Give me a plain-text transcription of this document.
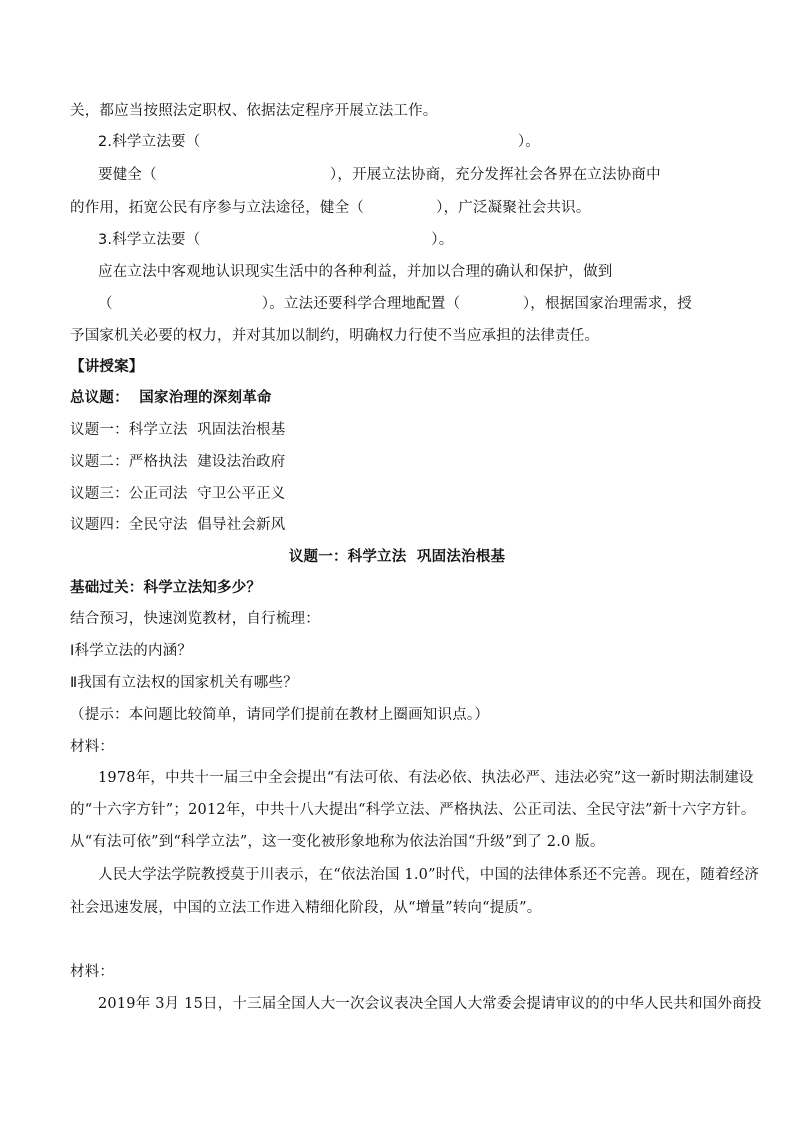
关，都应当按照法定职权、依据法定程序开展立法工作。
2.科学立法要（                                                                  ）。
要健全（                                    ），开展立法协商，充分发挥社会各界在立法协商中
的作用，拓宽公民有序参与立法途径，健全（               ），广泛凝聚社会共识。
3.科学立法要（                                                ）。
应在立法中客观地认识现实生活中的各种利益，并加以合理的确认和保护，做到
（                               ）。立法还要科学合理地配置（             ），根据国家治理需求，授
予国家机关必要的权力，并对其加以制约，明确权力行使不当应承担的法律责任。
【讲授案】
总议题：  国家治理的深刻革命
议题一：科学立法  巩固法治根基
议题二：严格执法  建设法治政府
议题三：公正司法  守卫公平正义
议题四：全民守法  倡导社会新风
议题一：科学立法  巩固法治根基
基础过关：科学立法知多少？
结合预习，快速浏览教材，自行梳理：
Ⅰ科学立法的内涵？
Ⅱ我国有立法权的国家机关有哪些？
（提示：本问题比较简单，请同学们提前在教材上圈画知识点。）
材料：
1978年，中共十一届三中全会提出“有法可依、有法必依、执法必严、违法必究”这一新时期法制建设
的“十六字方针”；2012年，中共十八大提出“科学立法、严格执法、公正司法、全民守法”新十六字方针。
从“有法可依”到“科学立法”，这一变化被形象地称为依法治国“升级”到了 2.0 版。
人民大学法学院教授莫于川表示，在“依法治国 1.0”时代，中国的法律体系还不完善。现在，随着经济
社会迅速发展，中国的立法工作进入精细化阶段，从“增量”转向“提质”。
材料：
2019年 3月 15日，十三届全国人大一次会议表决全国人大常委会提请审议的的中华人民共和国外商投
